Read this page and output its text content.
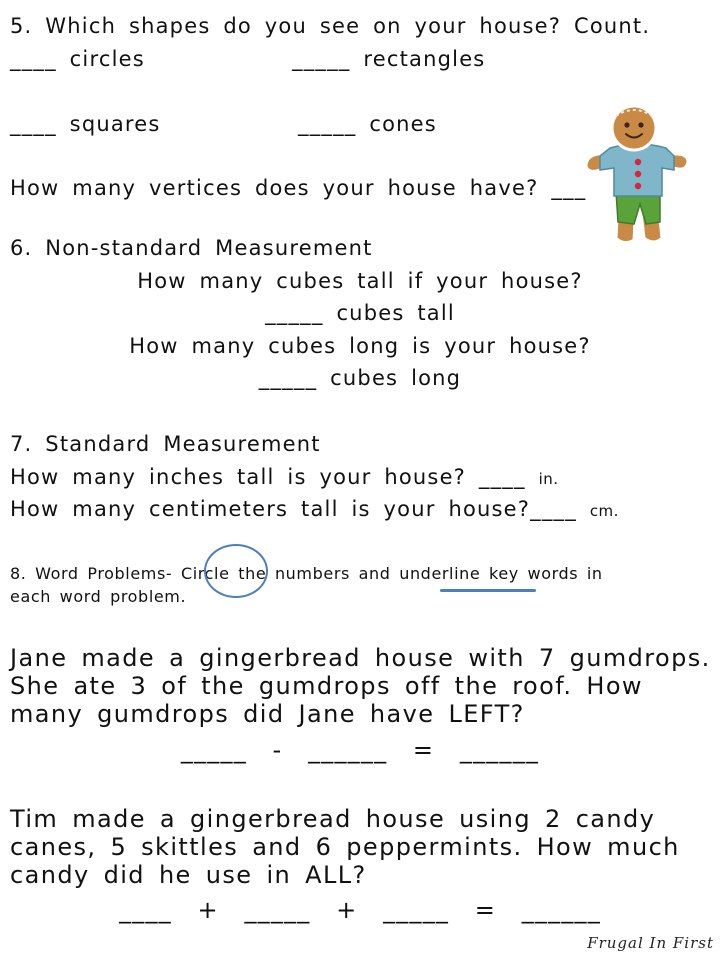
5. Which shapes do you see on your house? Count.
____ circles	_____ rectangles
____ squares	_____ cones
How many vertices does your house have? ___
6. Non-standard Measurement
How many cubes tall if your house?
_____ cubes tall
How many cubes long is your house?
_____ cubes long
7. Standard Measurement
How many inches tall is your house? ____ in.
How many centimeters tall is your house?____ cm.
8. Word Problems- Circle the numbers and underline key words in
each word problem.
Jane made a gingerbread house with 7 gumdrops.
She ate 3 of the gumdrops off the roof. How
many gumdrops did Jane have LEFT?
_____  -  ______  =  ______
Tim made a gingerbread house using 2 candy
canes, 5 skittles and 6 peppermints. How much
candy did he use in ALL?
____  +  _____  +  _____  =  ______
Frugal In First
